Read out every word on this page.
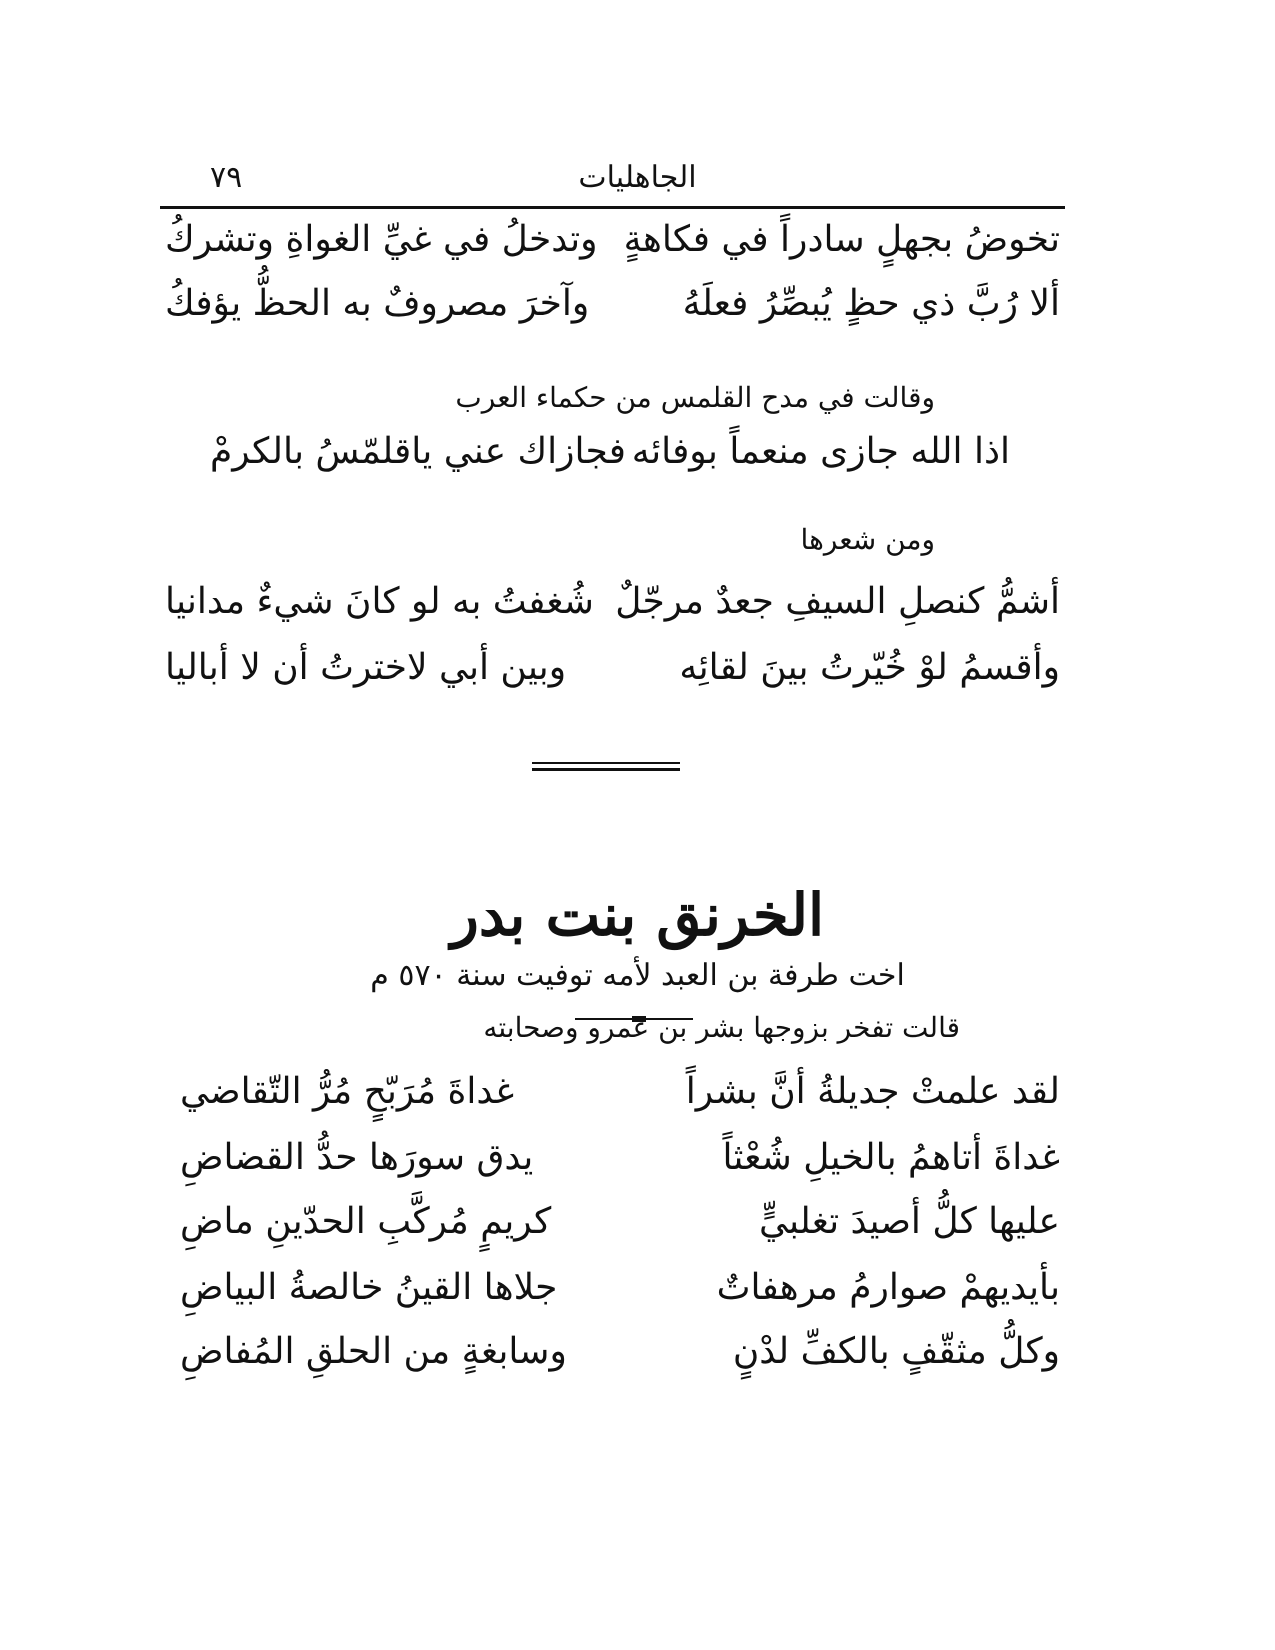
الجاهليات
٧٩
تخوضُ بجهلٍ سادراً في فكاهةٍ
وتدخلُ في غيِّ الغواةِ وتشركُ
ألا رُبَّ ذي حظٍ يُبصِّرُ فعلَهُ
وآخرَ مصروفٌ به الحظُّ يؤفكُ
وقالت في مدح القلمس من حكماء العرب
اذا الله جازى منعماً بوفائه
فجازاك عني ياقلمّسُ بالكرمْ
ومن شعرها
أشمُّ كنصلِ السيفِ جعدٌ مرجّلٌ
شُغفتُ به لو كانَ شيءٌ مدانيا
وأقسمُ لوْ خُيّرتُ بينَ لقائِه
وبين أبي لاخترتُ أن لا أباليا
الخرنق بنت بدر
اخت طرفة بن العبد لأمه توفيت سنة ٥٧٠ م
قالت تفخر بزوجها بشر بن عمرو وصحابته
لقد علمتْ جديلةُ أنَّ بشراً
غداةَ مُرَبّحٍ مُرُّ التّقاضي
غداةَ أتاهمُ بالخيلِ شُعْثاً
يدق سورَها حدُّ القضاضِ
عليها كلُّ أصيدَ تغلبيٍّ
كريمٍ مُركَّبِ الحدّينِ ماضِ
بأيديهمْ صوارمُ مرهفاتٌ
جلاها القينُ خالصةُ البياضِ
وكلُّ مثقّفٍ بالكفِّ لدْنٍ
وسابغةٍ من الحلقِ المُفاضِ
